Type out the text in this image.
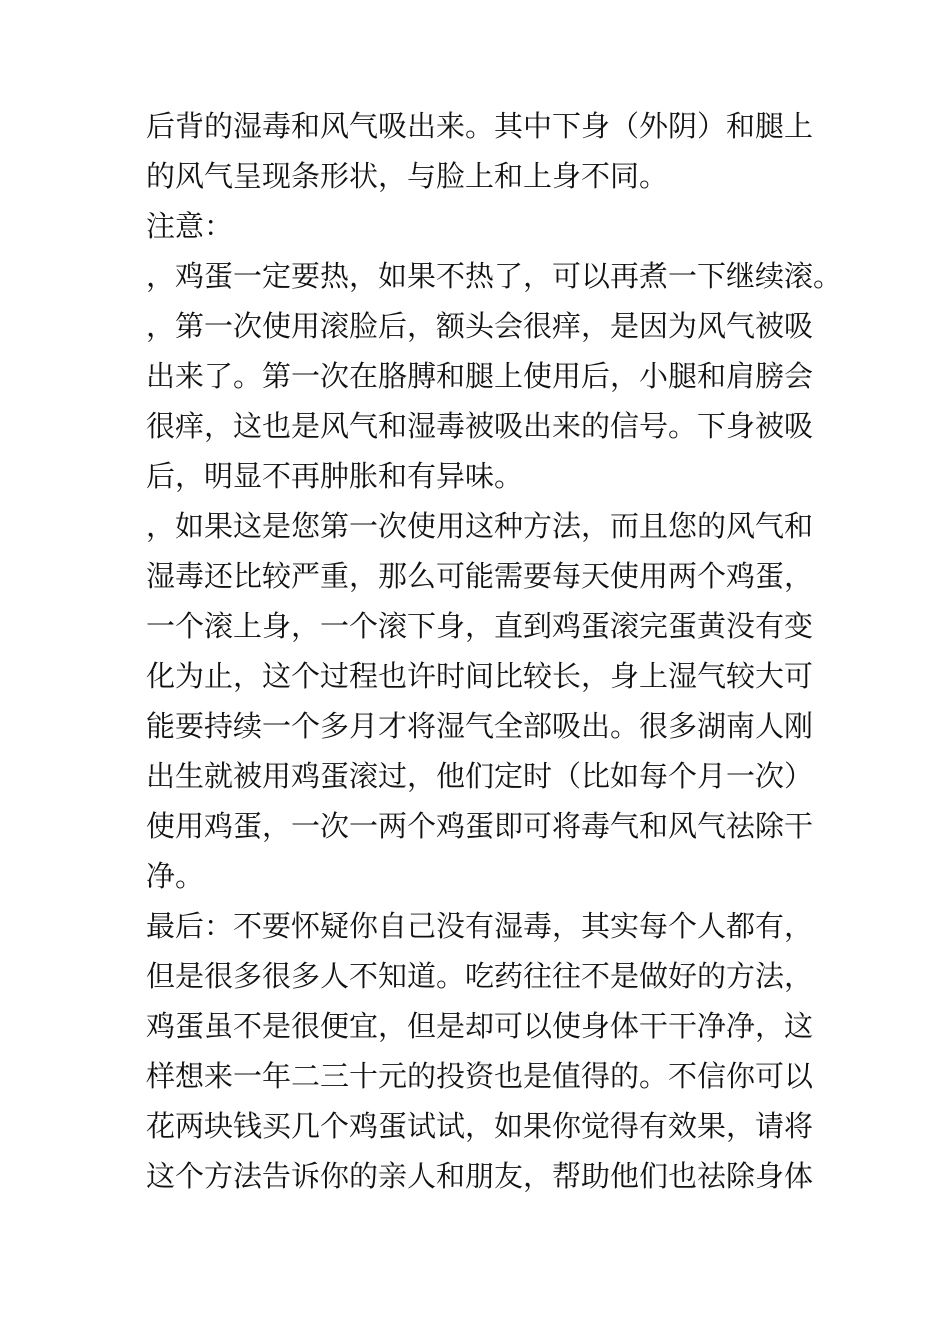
后背的湿毒和风气吸出来。其中下身（外阴）和腿上
的风气呈现条形状，与脸上和上身不同。
注意：
，鸡蛋一定要热，如果不热了，可以再煮一下继续滚。
，第一次使用滚脸后，额头会很痒，是因为风气被吸
出来了。第一次在胳膊和腿上使用后，小腿和肩膀会
很痒，这也是风气和湿毒被吸出来的信号。下身被吸
后，明显不再肿胀和有异味。
，如果这是您第一次使用这种方法，而且您的风气和
湿毒还比较严重，那么可能需要每天使用两个鸡蛋，
一个滚上身，一个滚下身，直到鸡蛋滚完蛋黄没有变
化为止，这个过程也许时间比较长，身上湿气较大可
能要持续一个多月才将湿气全部吸出。很多湖南人刚
出生就被用鸡蛋滚过，他们定时（比如每个月一次）
使用鸡蛋，一次一两个鸡蛋即可将毒气和风气祛除干
净。
最后：不要怀疑你自己没有湿毒，其实每个人都有，
但是很多很多人不知道。吃药往往不是做好的方法，
鸡蛋虽不是很便宜，但是却可以使身体干干净净，这
样想来一年二三十元的投资也是值得的。不信你可以
花两块钱买几个鸡蛋试试，如果你觉得有效果，请将
这个方法告诉你的亲人和朋友，帮助他们也祛除身体
